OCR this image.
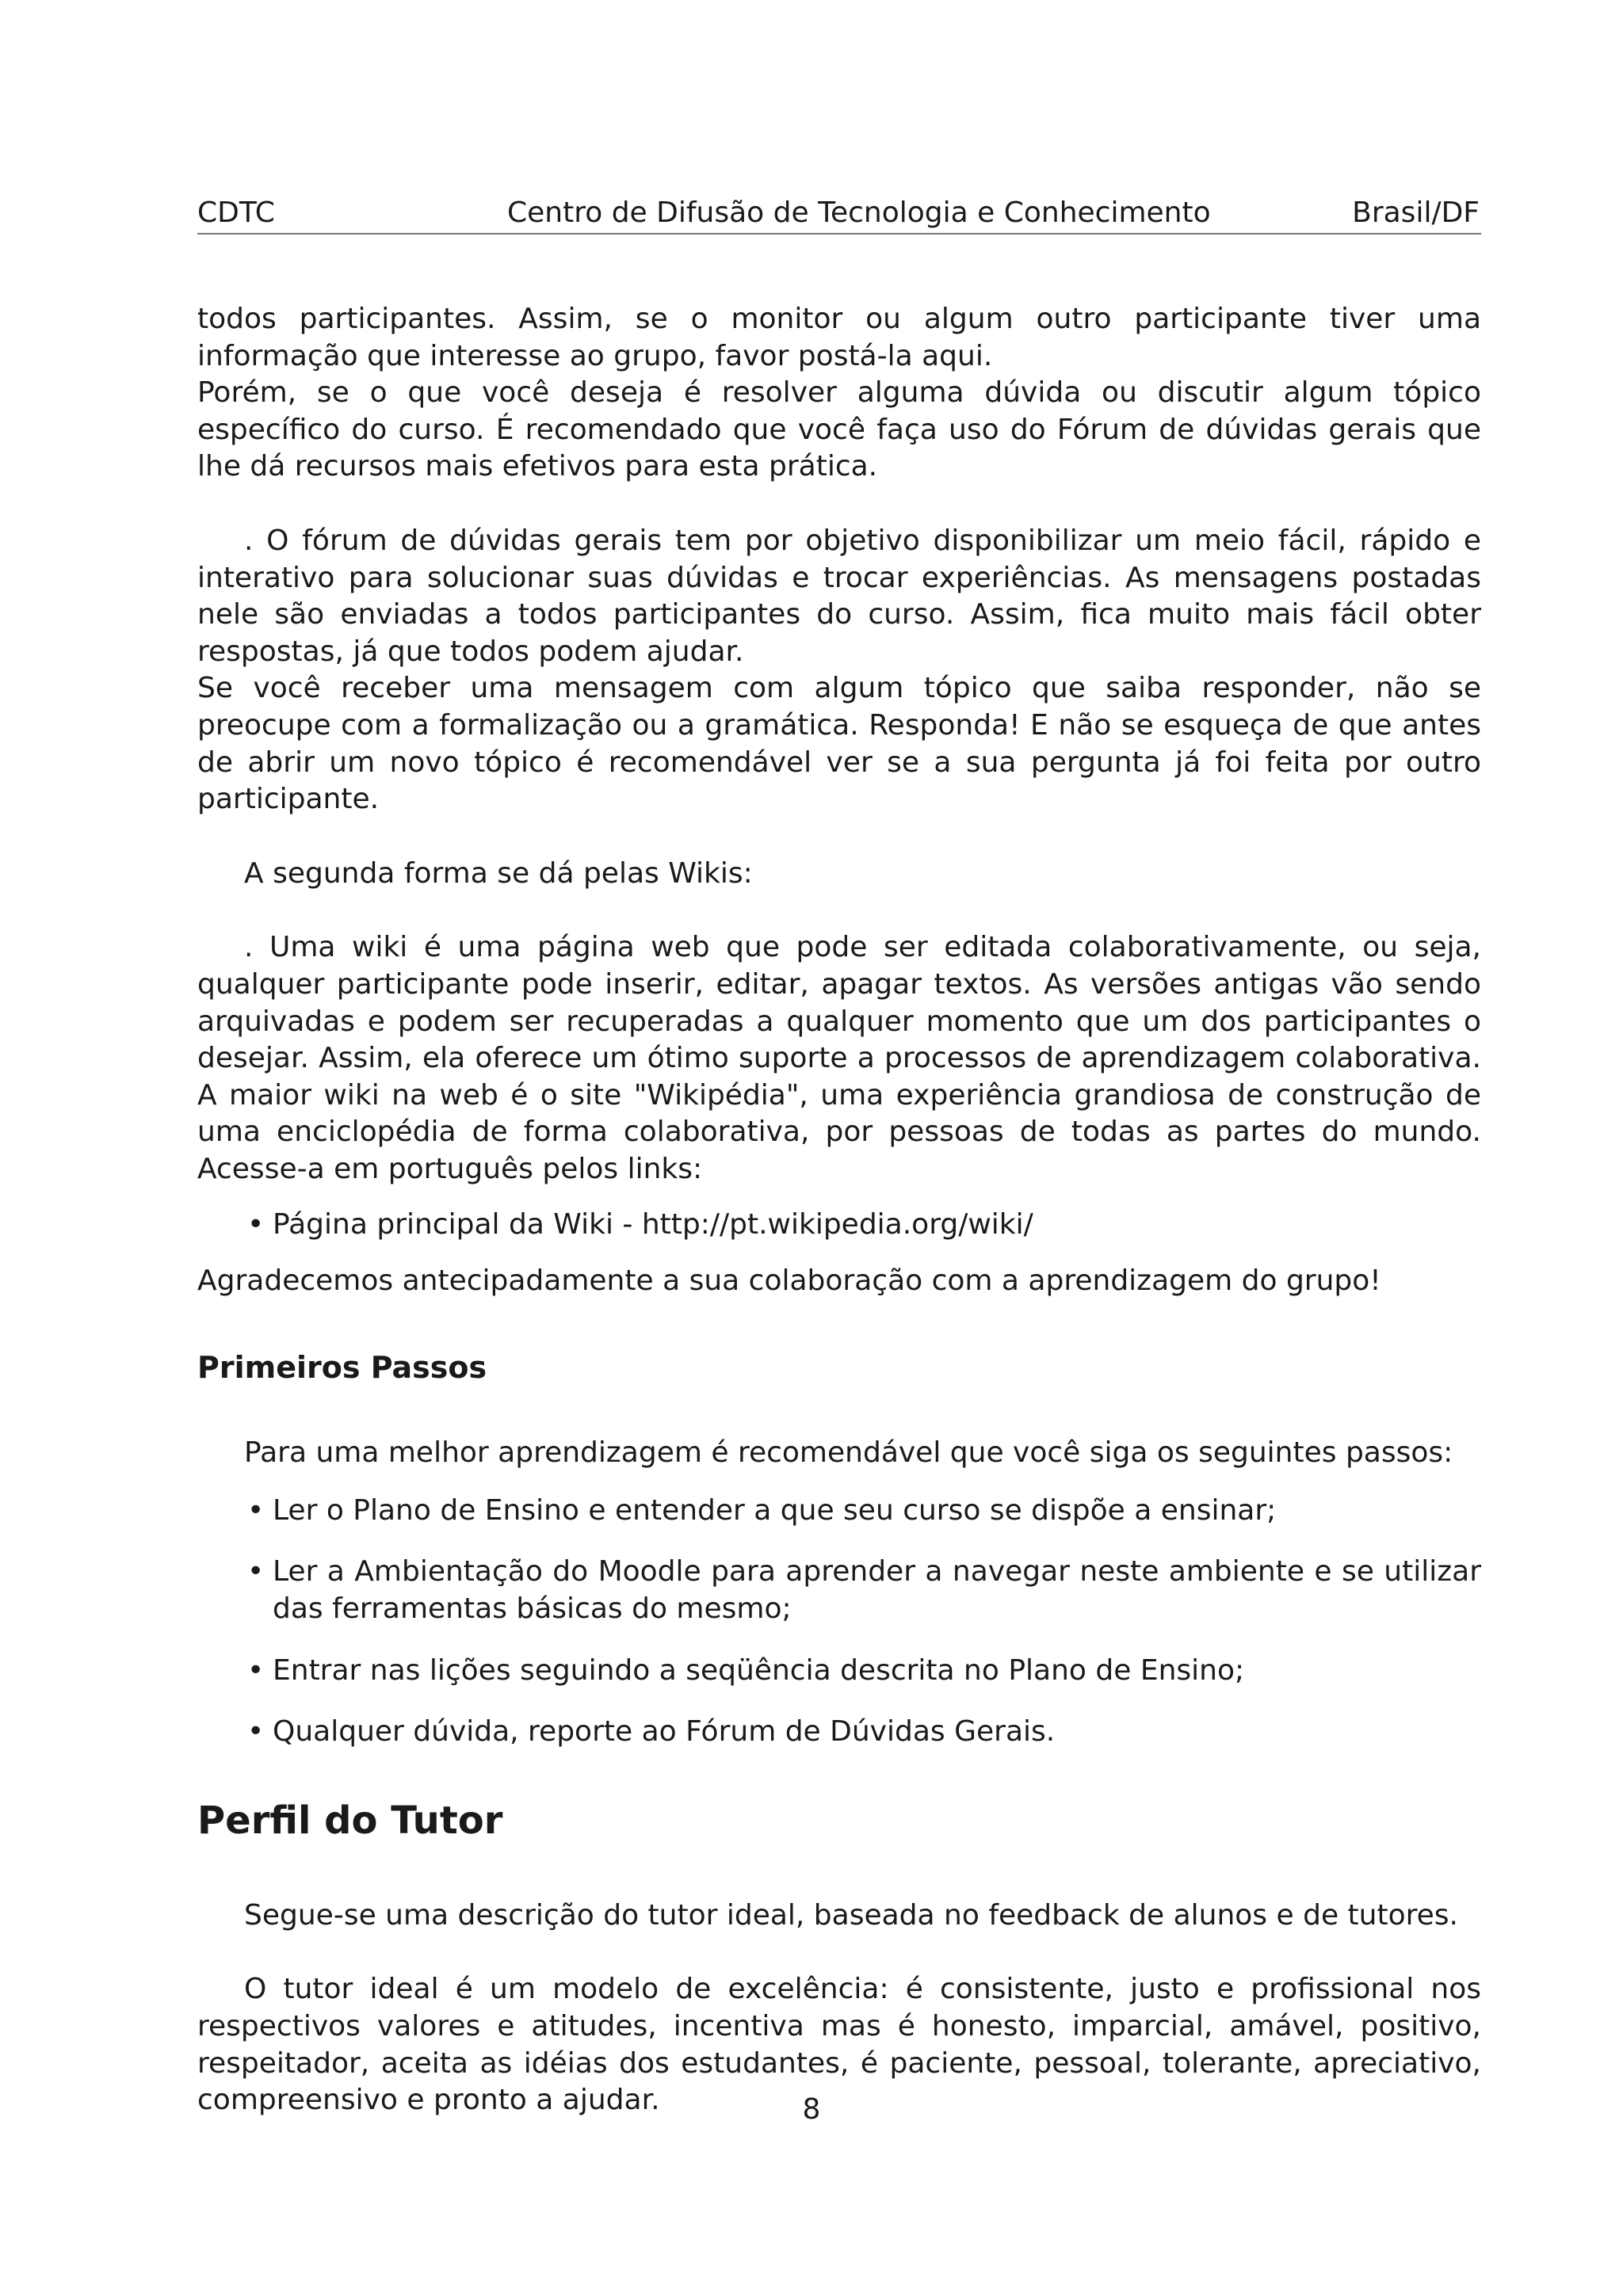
CDTC	Centro de Difusão de Tecnologia e Conhecimento	Brasil/DF

todos participantes. Assim, se o monitor ou algum outro participante tiver uma informação que interesse ao grupo, favor postá-la aqui.

Porém, se o que você deseja é resolver alguma dúvida ou discutir algum tópico específico do curso. É recomendado que você faça uso do Fórum de dúvidas gerais que lhe dá recursos mais efetivos para esta prática.

. O fórum de dúvidas gerais tem por objetivo disponibilizar um meio fácil, rápido e interativo para solucionar suas dúvidas e trocar experiências. As mensagens postadas nele são enviadas a todos participantes do curso. Assim, fica muito mais fácil obter respostas, já que todos podem ajudar.

Se você receber uma mensagem com algum tópico que saiba responder, não se preocupe com a formalização ou a gramática. Responda! E não se esqueça de que antes de abrir um novo tópico é recomendável ver se a sua pergunta já foi feita por outro participante.

A segunda forma se dá pelas Wikis:

. Uma wiki é uma página web que pode ser editada colaborativamente, ou seja, qualquer participante pode inserir, editar, apagar textos. As versões antigas vão sendo arquivadas e podem ser recuperadas a qualquer momento que um dos participantes o desejar. Assim, ela oferece um ótimo suporte a processos de aprendizagem colaborativa. A maior wiki na web é o site "Wikipédia", uma experiência grandiosa de construção de uma enciclopédia de forma colaborativa, por pessoas de todas as partes do mundo. Acesse-a em português pelos links:

• Página principal da Wiki - http://pt.wikipedia.org/wiki/

Agradecemos antecipadamente a sua colaboração com a aprendizagem do grupo!

Primeiros Passos

Para uma melhor aprendizagem é recomendável que você siga os seguintes passos:

• Ler o Plano de Ensino e entender a que seu curso se dispõe a ensinar;
• Ler a Ambientação do Moodle para aprender a navegar neste ambiente e se utilizar das ferramentas básicas do mesmo;
• Entrar nas lições seguindo a seqüência descrita no Plano de Ensino;
• Qualquer dúvida, reporte ao Fórum de Dúvidas Gerais.

Perfil do Tutor

Segue-se uma descrição do tutor ideal, baseada no feedback de alunos e de tutores.

O tutor ideal é um modelo de excelência: é consistente, justo e profissional nos respectivos valores e atitudes, incentiva mas é honesto, imparcial, amável, positivo, respeitador, aceita as idéias dos estudantes, é paciente, pessoal, tolerante, apreciativo, compreensivo e pronto a ajudar.	8
